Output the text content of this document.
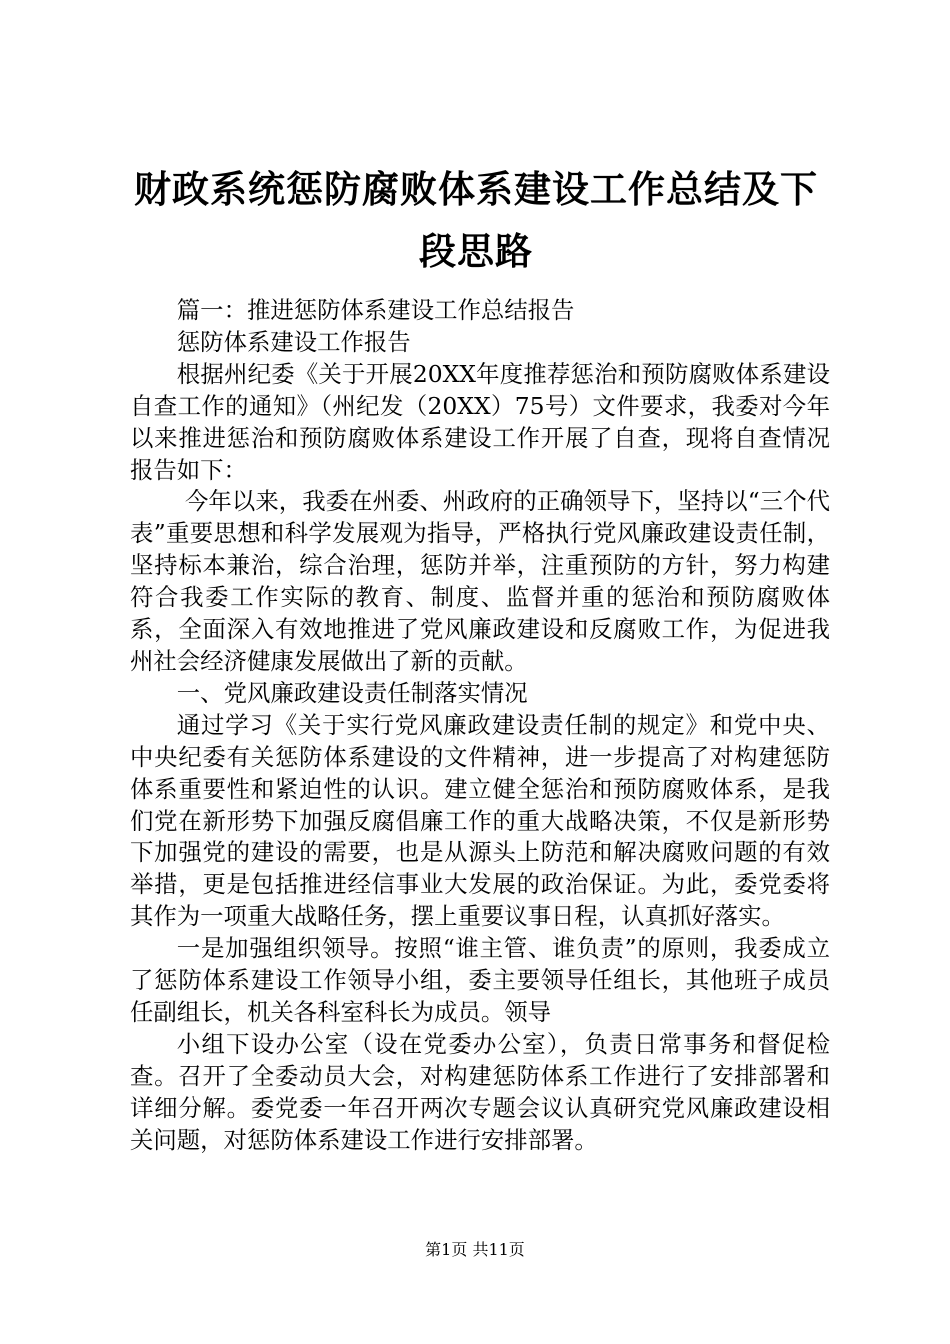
财政系统惩防腐败体系建设工作总结及下段思路

篇一：推进惩防体系建设工作总结报告

惩防体系建设工作报告

根据州纪委《关于开展20XX年度推荐惩治和预防腐败体系建设自查工作的通知》（州纪发（20XX）75号）文件要求，我委对今年以来推进惩治和预防腐败体系建设工作开展了自查，现将自查情况报告如下：

今年以来，我委在州委、州政府的正确领导下，坚持以“三个代表”重要思想和科学发展观为指导，严格执行党风廉政建设责任制，坚持标本兼治，综合治理，惩防并举，注重预防的方针，努力构建符合我委工作实际的教育、制度、监督并重的惩治和预防腐败体系，全面深入有效地推进了党风廉政建设和反腐败工作，为促进我州社会经济健康发展做出了新的贡献。

一、党风廉政建设责任制落实情况

通过学习《关于实行党风廉政建设责任制的规定》和党中央、中央纪委有关惩防体系建设的文件精神，进一步提高了对构建惩防体系重要性和紧迫性的认识。建立健全惩治和预防腐败体系，是我们党在新形势下加强反腐倡廉工作的重大战略决策，不仅是新形势下加强党的建设的需要，也是从源头上防范和解决腐败问题的有效举措，更是包括推进经信事业大发展的政治保证。为此，委党委将其作为一项重大战略任务，摆上重要议事日程，认真抓好落实。

一是加强组织领导。按照“谁主管、谁负责”的原则，我委成立了惩防体系建设工作领导小组，委主要领导任组长，其他班子成员任副组长，机关各科室科长为成员。领导

小组下设办公室（设在党委办公室），负责日常事务和督促检查。召开了全委动员大会，对构建惩防体系工作进行了安排部署和详细分解。委党委一年召开两次专题会议认真研究党风廉政建设相关问题，对惩防体系建设工作进行安排部署。

第1页 共11页
